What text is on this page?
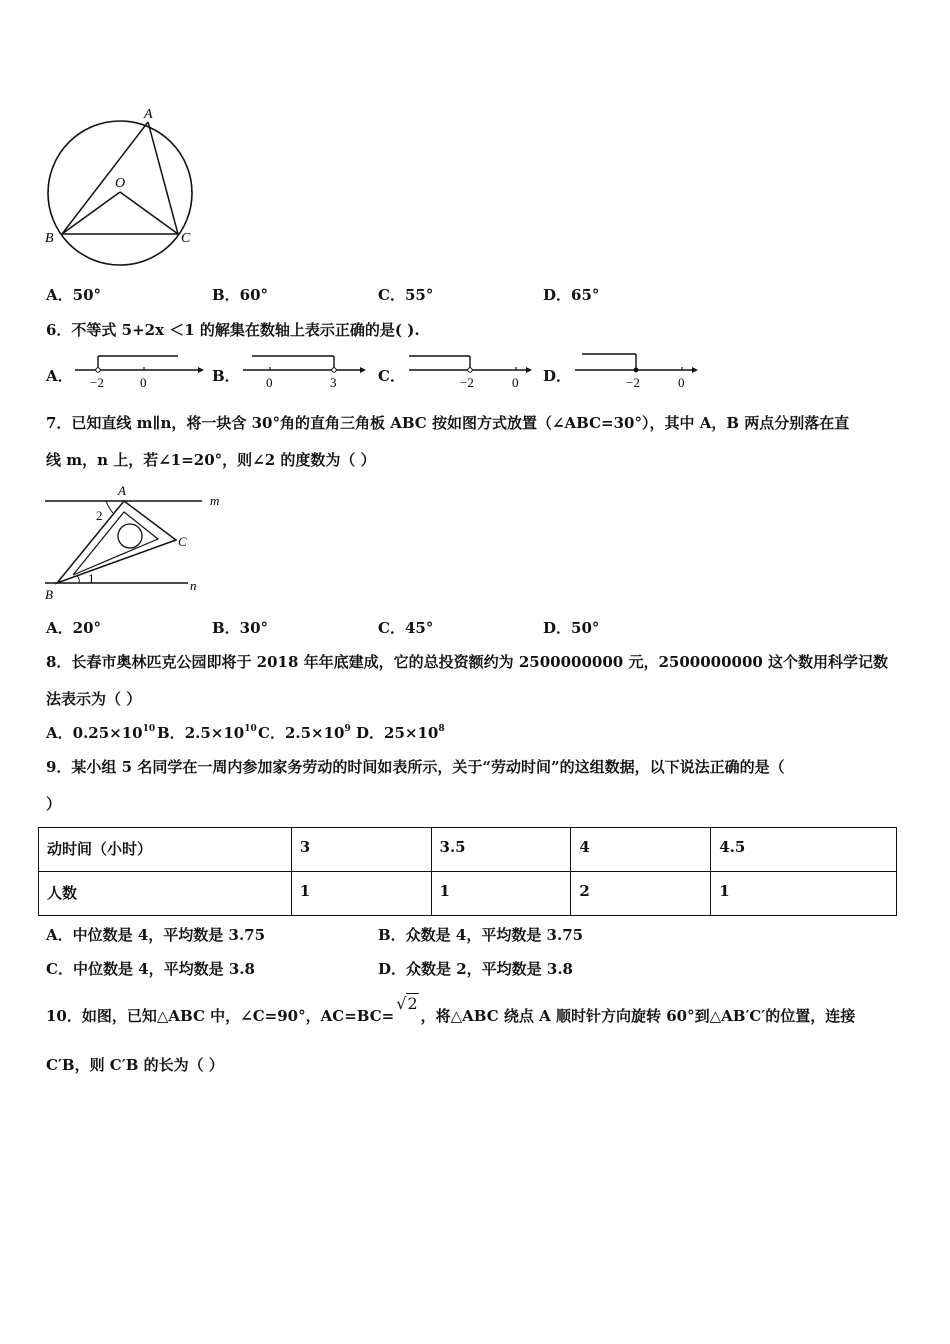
A
O
B	C
A．50°	B．60°	C．55°	D．65°
6．不等式 5+2x ＜1 的解集在数轴上表示正确的是( ).
A． −2	0	B． 0	3	C．	−2	0 D．	−2	0
7．已知直线 m∥n，将一块含 30°角的直角三角板 ABC 按如图方式放置（∠ABC=30°），其中 A，B 两点分别落在直
线 m，n 上，若∠1=20°，则∠2 的度数为（ ）
A
m
2
C
1
B
n
A．20°	B．30°	C．45°	D．50°
8．长春市奥林匹克公园即将于 2018 年年底建成，它的总投资额约为 2500000000 元，2500000000 这个数用科学记数
法表示为（ ）
A．$0.25\times 10^{10}$ B．$2.5\times 10^{10}$ C．$2.5\times 10^9$ D．$25\times 10^8$
9．某小组 5 名同学在一周内参加家务劳动的时间如表所示，关于“劳动时间”的这组数据，以下说法正确的是（
）
动时间（小时）	3	3.5	4	4.5
人数	1	1	2	1
A．中位数是 4，平均数是 3.75	B．众数是 4，平均数是 3.75
C．中位数是 4，平均数是 3.8	D．众数是 2，平均数是 3.8
10．如图，已知△ABC 中，∠C=90°，AC=BC=√2，将△ABC 绕点 A 顺时针方向旋转 60°到△AB′C′的位置，连接
C′B，则 C′B 的长为（ ）
